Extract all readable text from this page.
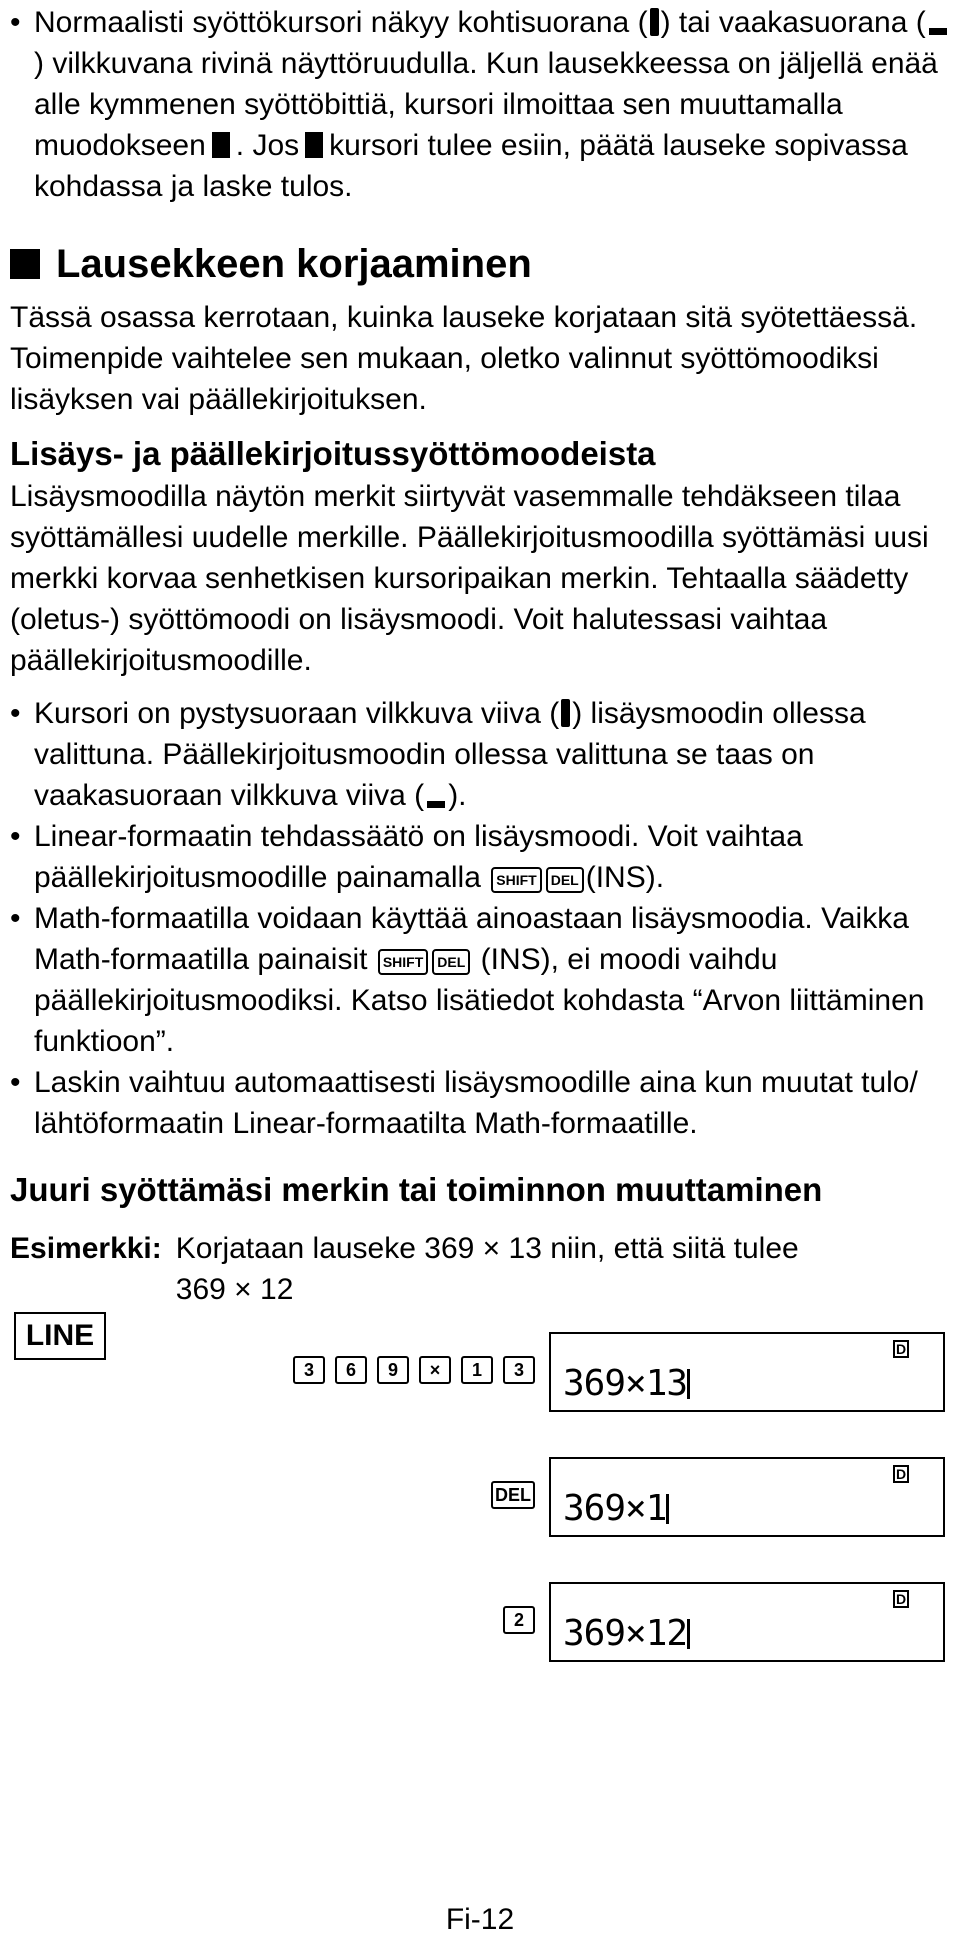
• Normaalisti syöttökursori näkyy kohtisuorana ( ) tai vaakasuorana () vilkkuvana rivinä näyttöruudulla. Kun lausekkeessa on jäljellä enää alle kymmenen syöttöbittiä, kursori ilmoittaa sen muuttamalla muodokseen . Jos kursori tulee esiin, päätä lauseke sopivassa kohdassa ja laske tulos.
Lausekkeen korjaaminen
Tässä osassa kerrotaan, kuinka lauseke korjataan sitä syötettäessä. Toimenpide vaihtelee sen mukaan, oletko valinnut syöttömoodiksi lisäyksen vai päällekirjoituksen.
Lisäys- ja päällekirjoitussyöttömoodeista
Lisäysmoodilla näytön merkit siirtyvät vasemmalle tehdäkseen tilaa syöttämällesi uudelle merkille. Päällekirjoitusmoodilla syöttämäsi uusi merkki korvaa senhetkisen kursoripaikan merkin. Tehtaalla säädetty (oletus-) syöttömoodi on lisäysmoodi. Voit halutessasi vaihtaa päällekirjoitusmoodille.
• Kursori on pystysuoraan vilkkuva viiva ( ) lisäysmoodin ollessa valittuna. Päällekirjoitusmoodin ollessa valittuna se taas on vaakasuoraan vilkkuva viiva ( ).
• Linear-formaatin tehdassäätö on lisäysmoodi. Voit vaihtaa päällekirjoitusmoodille painamalla SHIFT DEL (INS).
• Math-formaatilla voidaan käyttää ainoastaan lisäysmoodia. Vaikka Math-formaatilla painaisit SHIFT DEL (INS), ei moodi vaihdu päällekirjoitusmoodiksi. Katso lisätiedot kohdasta “Arvon liittäminen funktioon”.
• Laskin vaihtuu automaattisesti lisäysmoodille aina kun muutat tulo/ lähtöformaatin Linear-formaatilta Math-formaatille.
Juuri syöttämäsi merkin tai toiminnon muuttaminen
Esimerkki: Korjataan lauseke 369 × 13 niin, että siitä tulee
369 × 12
LINE
3	6	9	×	1	3
D
369×13
DEL
D
369×1
2
D
369×12
Fi-12
